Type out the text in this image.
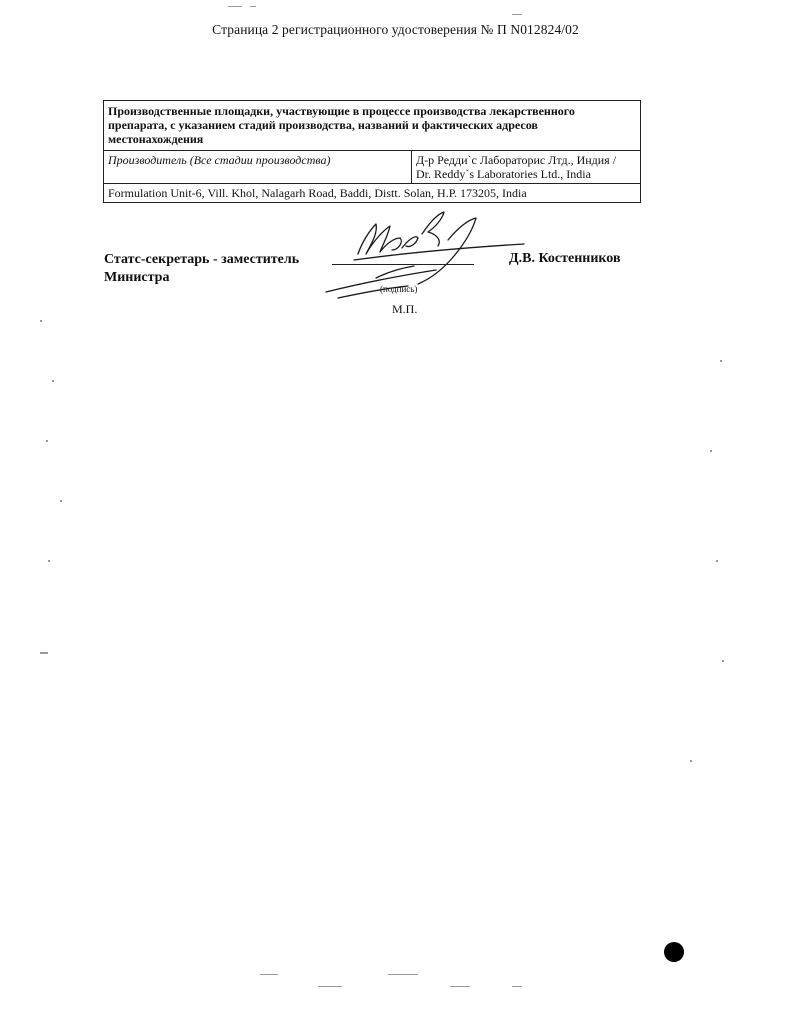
Страница 2 регистрационного удостоверения № П N012824/02
Производственные площадки, участвующие в процессе производства лекарственного препарата, с указанием стадий производства, названий и фактических адресов местонахождения
Производитель (Все стадии производства)	Д-р Редди`с Лабораторис Лтд., Индия /
Dr. Reddy`s Laboratories Ltd., India

Formulation Unit-6, Vill. Khol, Nalagarh Road, Baddi, Distt. Solan, H.P. 173205, India
Статс-секретарь - заместитель
Министра
(подпись)
М.П.
Д.В. Костенников
